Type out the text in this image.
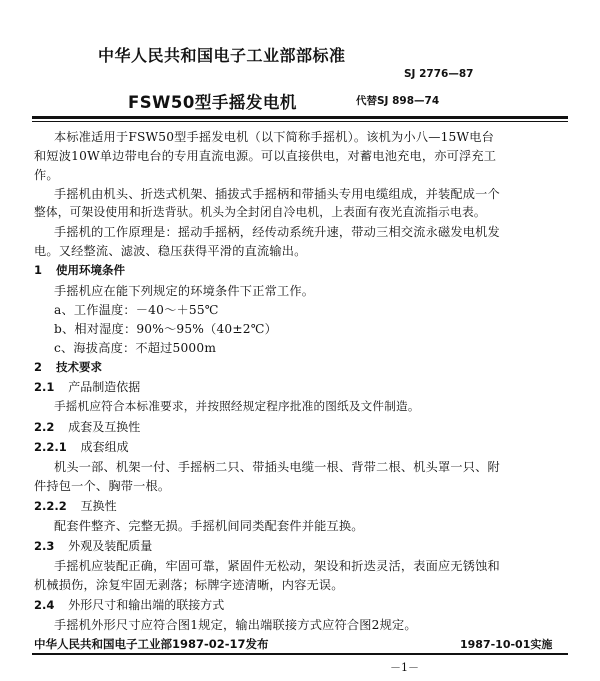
中华人民共和国电子工业部部标准
SJ 2776—87
FSW50型手摇发电机	代替SJ 898—74
本标准适用于FSW50型手摇发电机（以下简称手摇机）。该机为小八—15W电台
和短波10W单边带电台的专用直流电源。可以直接供电，对蓄电池充电，亦可浮充工
作。
手摇机由机头、折迭式机架、插拔式手摇柄和带插头专用电缆组成，并装配成一个
整体，可架设使用和折迭背驮。机头为全封闭自冷电机，上表面有夜光直流指示电表。
手摇机的工作原理是：摇动手摇柄，经传动系统升速，带动三相交流永磁发电机发
电。又经整流、滤波、稳压获得平滑的直流输出。
1 使用环境条件
手摇机应在能下列规定的环境条件下正常工作。
a、工作温度：－40～＋55℃
b、相对湿度：90%～95%（40±2℃）
c、海拔高度：不超过5000m
2 技术要求
2.1 产品制造依据
手摇机应符合本标准要求，并按照经规定程序批准的图纸及文件制造。
2.2 成套及互换性
2.2.1 成套组成
机头一部、机架一付、手摇柄二只、带插头电缆一根、背带二根、机头罩一只、附
件持包一个、胸带一根。
2.2.2 互换性
配套件整齐、完整无损。手摇机间同类配套件并能互换。
2.3 外观及装配质量
手摇机应装配正确，牢固可靠，紧固件无松动，架设和折迭灵活，表面应无锈蚀和
机械损伤，涂复牢固无剥落；标牌字迹清晰，内容无误。
2.4 外形尺寸和输出端的联接方式
手摇机外形尺寸应符合图1规定，输出端联接方式应符合图2规定。
中华人民共和国电子工业部1987-02-17发布	1987-10-01实施
－1－
